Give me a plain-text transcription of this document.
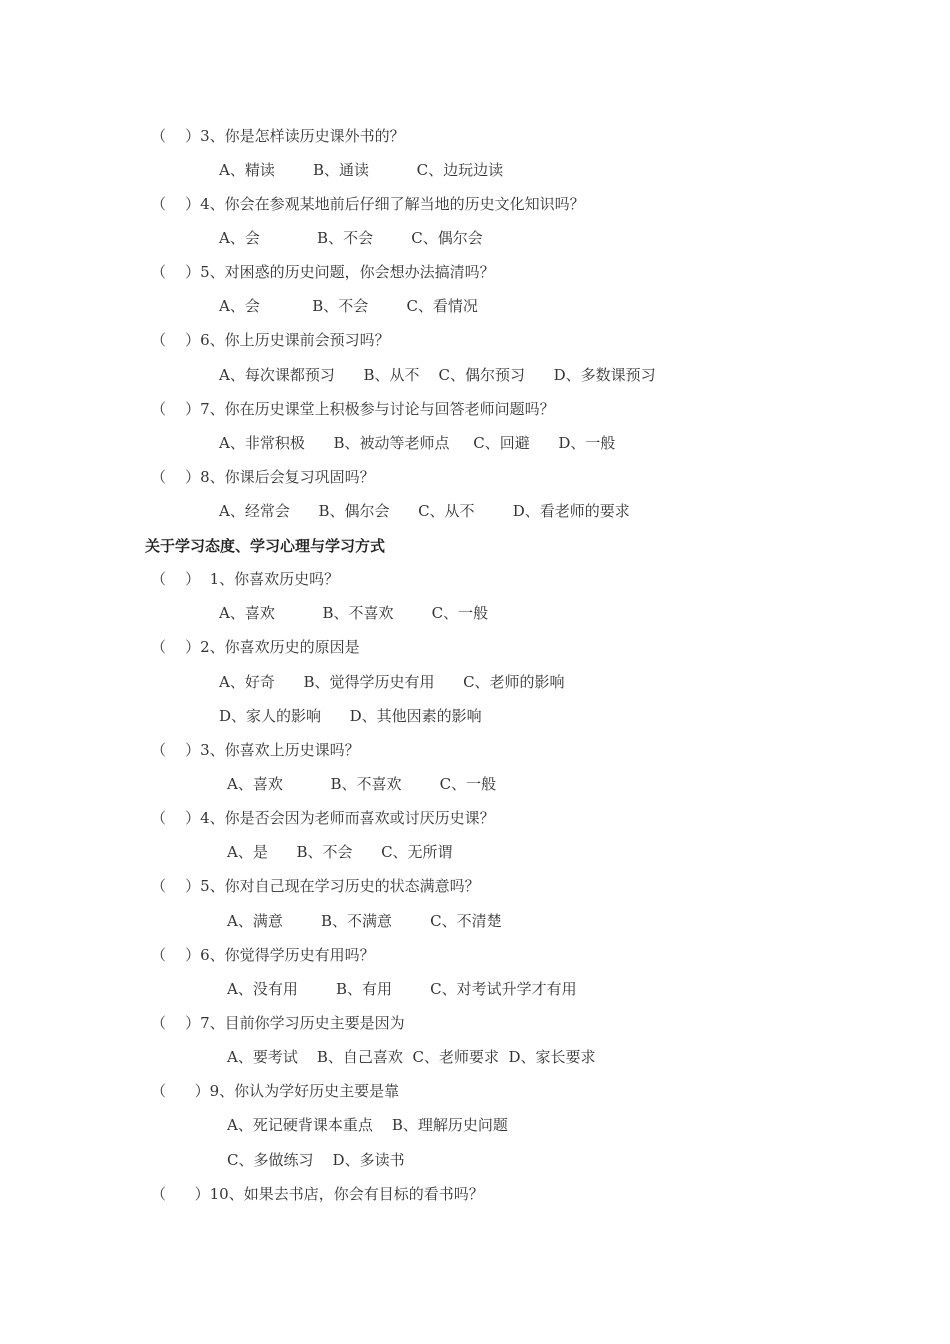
（    ）3、你是怎样读历史课外书的？
A、精读        B、通读          C、边玩边读
（    ）4、你会在参观某地前后仔细了解当地的历史文化知识吗？
A、会            B、不会        C、偶尔会
（    ）5、对困惑的历史问题，你会想办法搞清吗？
A、会           B、不会        C、看情况
（    ）6、你上历史课前会预习吗？
A、每次课都预习      B、从不    C、偶尔预习      D、多数课预习
（    ）7、你在历史课堂上积极参与讨论与回答老师问题吗？
A、非常积极      B、被动等老师点     C、回避      D、一般
（    ）8、你课后会复习巩固吗？
A、经常会      B、偶尔会      C、从不        D、看老师的要求
关于学习态度、学习心理与学习方式
（    ）  1、你喜欢历史吗？
A、喜欢          B、不喜欢        C、一般
（    ）2、你喜欢历史的原因是
A、好奇      B、觉得学历史有用      C、老师的影响
D、家人的影响      D、其他因素的影响
（    ）3、你喜欢上历史课吗？
A、喜欢          B、不喜欢        C、一般
（    ）4、你是否会因为老师而喜欢或讨厌历史课？
A、是      B、不会      C、无所谓
（    ）5、你对自己现在学习历史的状态满意吗？
A、满意        B、不满意        C、不清楚
（    ）6、你觉得学历史有用吗？
A、没有用        B、有用        C、对考试升学才有用
（    ）7、目前你学习历史主要是因为
A、要考试    B、自己喜欢  C、老师要求  D、家长要求
（      ）9、你认为学好历史主要是靠
A、死记硬背课本重点    B、理解历史问题
C、多做练习    D、多读书
（      ）10、如果去书店，你会有目标的看书吗？
